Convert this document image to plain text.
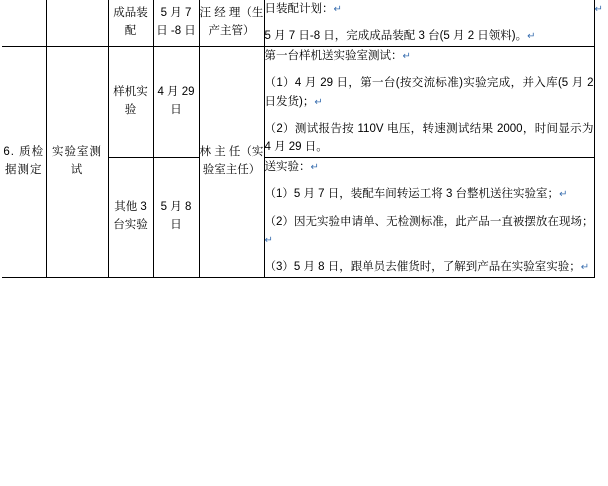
		成品装配	5 月 7 日 -8 日	汪 经 理（生产主管）	日装配计划：↵

5 月 7 日-8 日，完成成品装配 3 台(5 月 2 日领料)。↵	↵

6. 质检据测定	实验室测试	样机实验	4 月 29 日	林 主 任（实验室主任）	第一台样机送实验室测试：↵

（1）4 月 29 日，第一台(按交流标准)实验完成，并入库(5 月 2 日发货)；↵

（2）测试报告按 110V 电压，转速测试结果 2000，时间显示为 4 月 29 日。	

		其他 3 台实验	5 月 8 日		送实验：↵

（1）5 月 7 日，装配车间转运工将 3 台整机送往实验室；↵

（2）因无实验申请单、无检测标准，此产品一直被摆放在现场；↵

（3）5 月 8 日，跟单员去催货时，了解到产品在实验室实验；↵	
